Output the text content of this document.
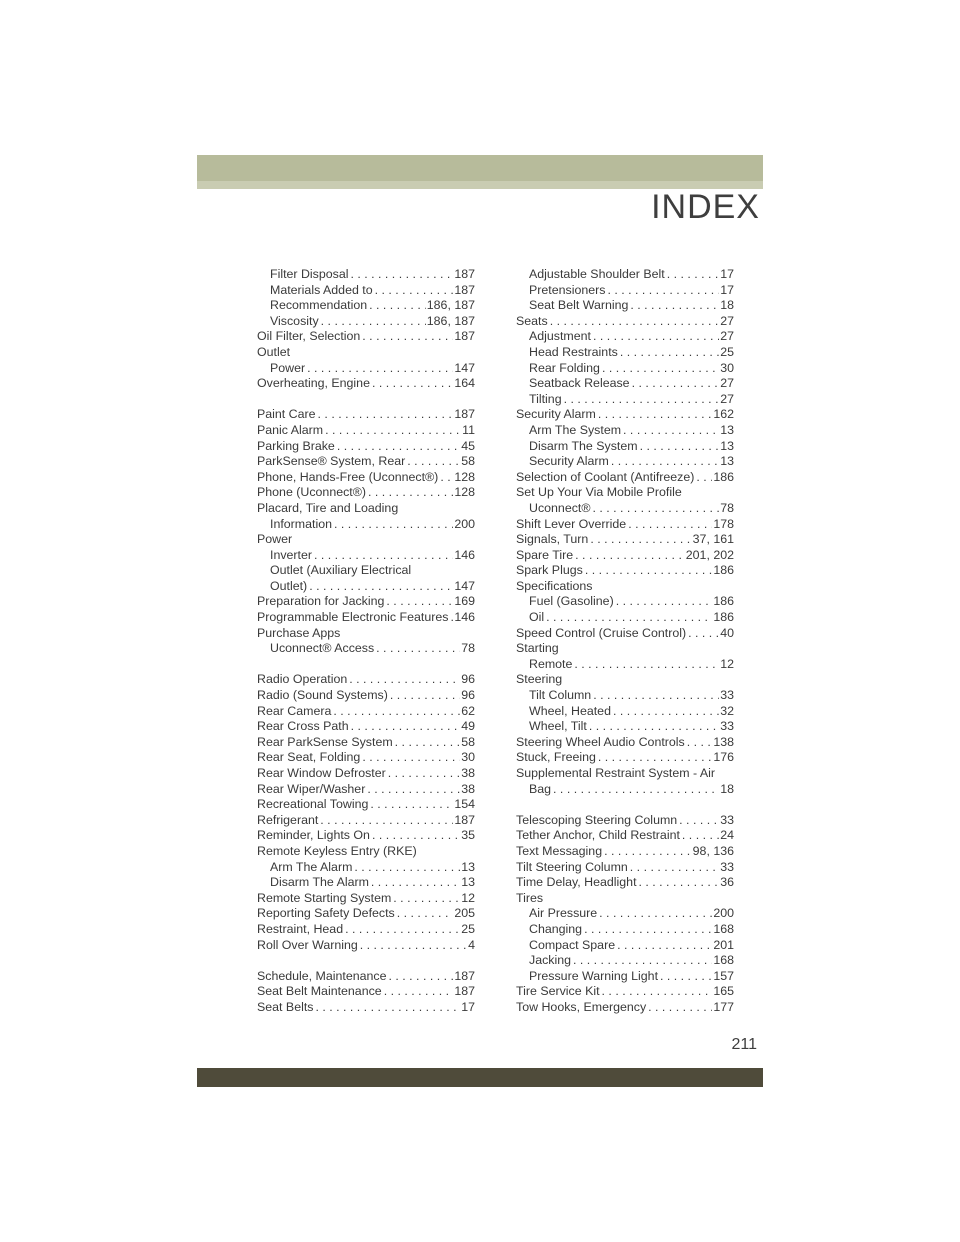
INDEX
Filter Disposal . . .	187
Materials Added to . . .	187
Recommendation . . .	186, 187
Viscosity . . .	186, 187
Oil Filter, Selection . . .	187
Outlet
Power . . .	147
Overheating, Engine . . .	164
Paint Care . . .	187
Panic Alarm . . .	11
Parking Brake . . .	45
ParkSense® System, Rear . . .	58
Phone, Hands-Free (Uconnect®) . . . 128
Phone (Uconnect®) . . .	128
Placard, Tire and Loading
Information . . .	200
Power
Inverter . . .	146
Outlet (Auxiliary Electrical
Outlet) . . .	147
Preparation for Jacking . . .	169
Programmable Electronic Features . . . 146
Purchase Apps
Uconnect® Access . . .	78
Radio Operation . . .	96
Radio (Sound Systems) . . .	96
Rear Camera . . .	62
Rear Cross Path . . .	49
Rear ParkSense System . . .	58
Rear Seat, Folding . . .	30
Rear Window Defroster . . .	38
Rear Wiper/Washer . . .	38
Recreational Towing . . .	154
Refrigerant . . .	187
Reminder, Lights On . . .	35
Remote Keyless Entry (RKE)
Arm The Alarm . . .	13
Disarm The Alarm . . .	13
Remote Starting System . . .	12
Reporting Safety Defects . . .	205
Restraint, Head . . .	25
Roll Over Warning . . .	4
Schedule, Maintenance . . .	187
Seat Belt Maintenance . . .	187
Seat Belts . . .	17
Adjustable Shoulder Belt . . .	17
Pretensioners . . .	17
Seat Belt Warning . . .	18
Seats . . .	27
Adjustment . . .	27
Head Restraints . . .	25
Rear Folding . . .	30
Seatback Release . . .	27
Tilting . . .	27
Security Alarm . . .	162
Arm The System . . .	13
Disarm The System . . .	13
Security Alarm . . .	13
Selection of Coolant (Antifreeze) . . . 186
Set Up Your Via Mobile Profile
Uconnect® . . .	78
Shift Lever Override . . .	178
Signals, Turn . . .	37, 161
Spare Tire . . .	201, 202
Spark Plugs . . .	186
Specifications
Fuel (Gasoline) . . .	186
Oil . . .	186
Speed Control (Cruise Control) . . .	40
Starting
Remote . . .	12
Steering
Tilt Column . . .	33
Wheel, Heated . . .	32
Wheel, Tilt . . .	33
Steering Wheel Audio Controls . . . 138
Stuck, Freeing . . .	176
Supplemental Restraint System - Air
Bag . . .	18
Telescoping Steering Column . . .	33
Tether Anchor, Child Restraint . . .	24
Text Messaging . . .	98, 136
Tilt Steering Column . . .	33
Time Delay, Headlight . . .	36
Tires
Air Pressure . . .	200
Changing . . .	168
Compact Spare . . .	201
Jacking . . .	168
Pressure Warning Light . . .	157
Tire Service Kit . . .	165
Tow Hooks, Emergency . . .	177
211
